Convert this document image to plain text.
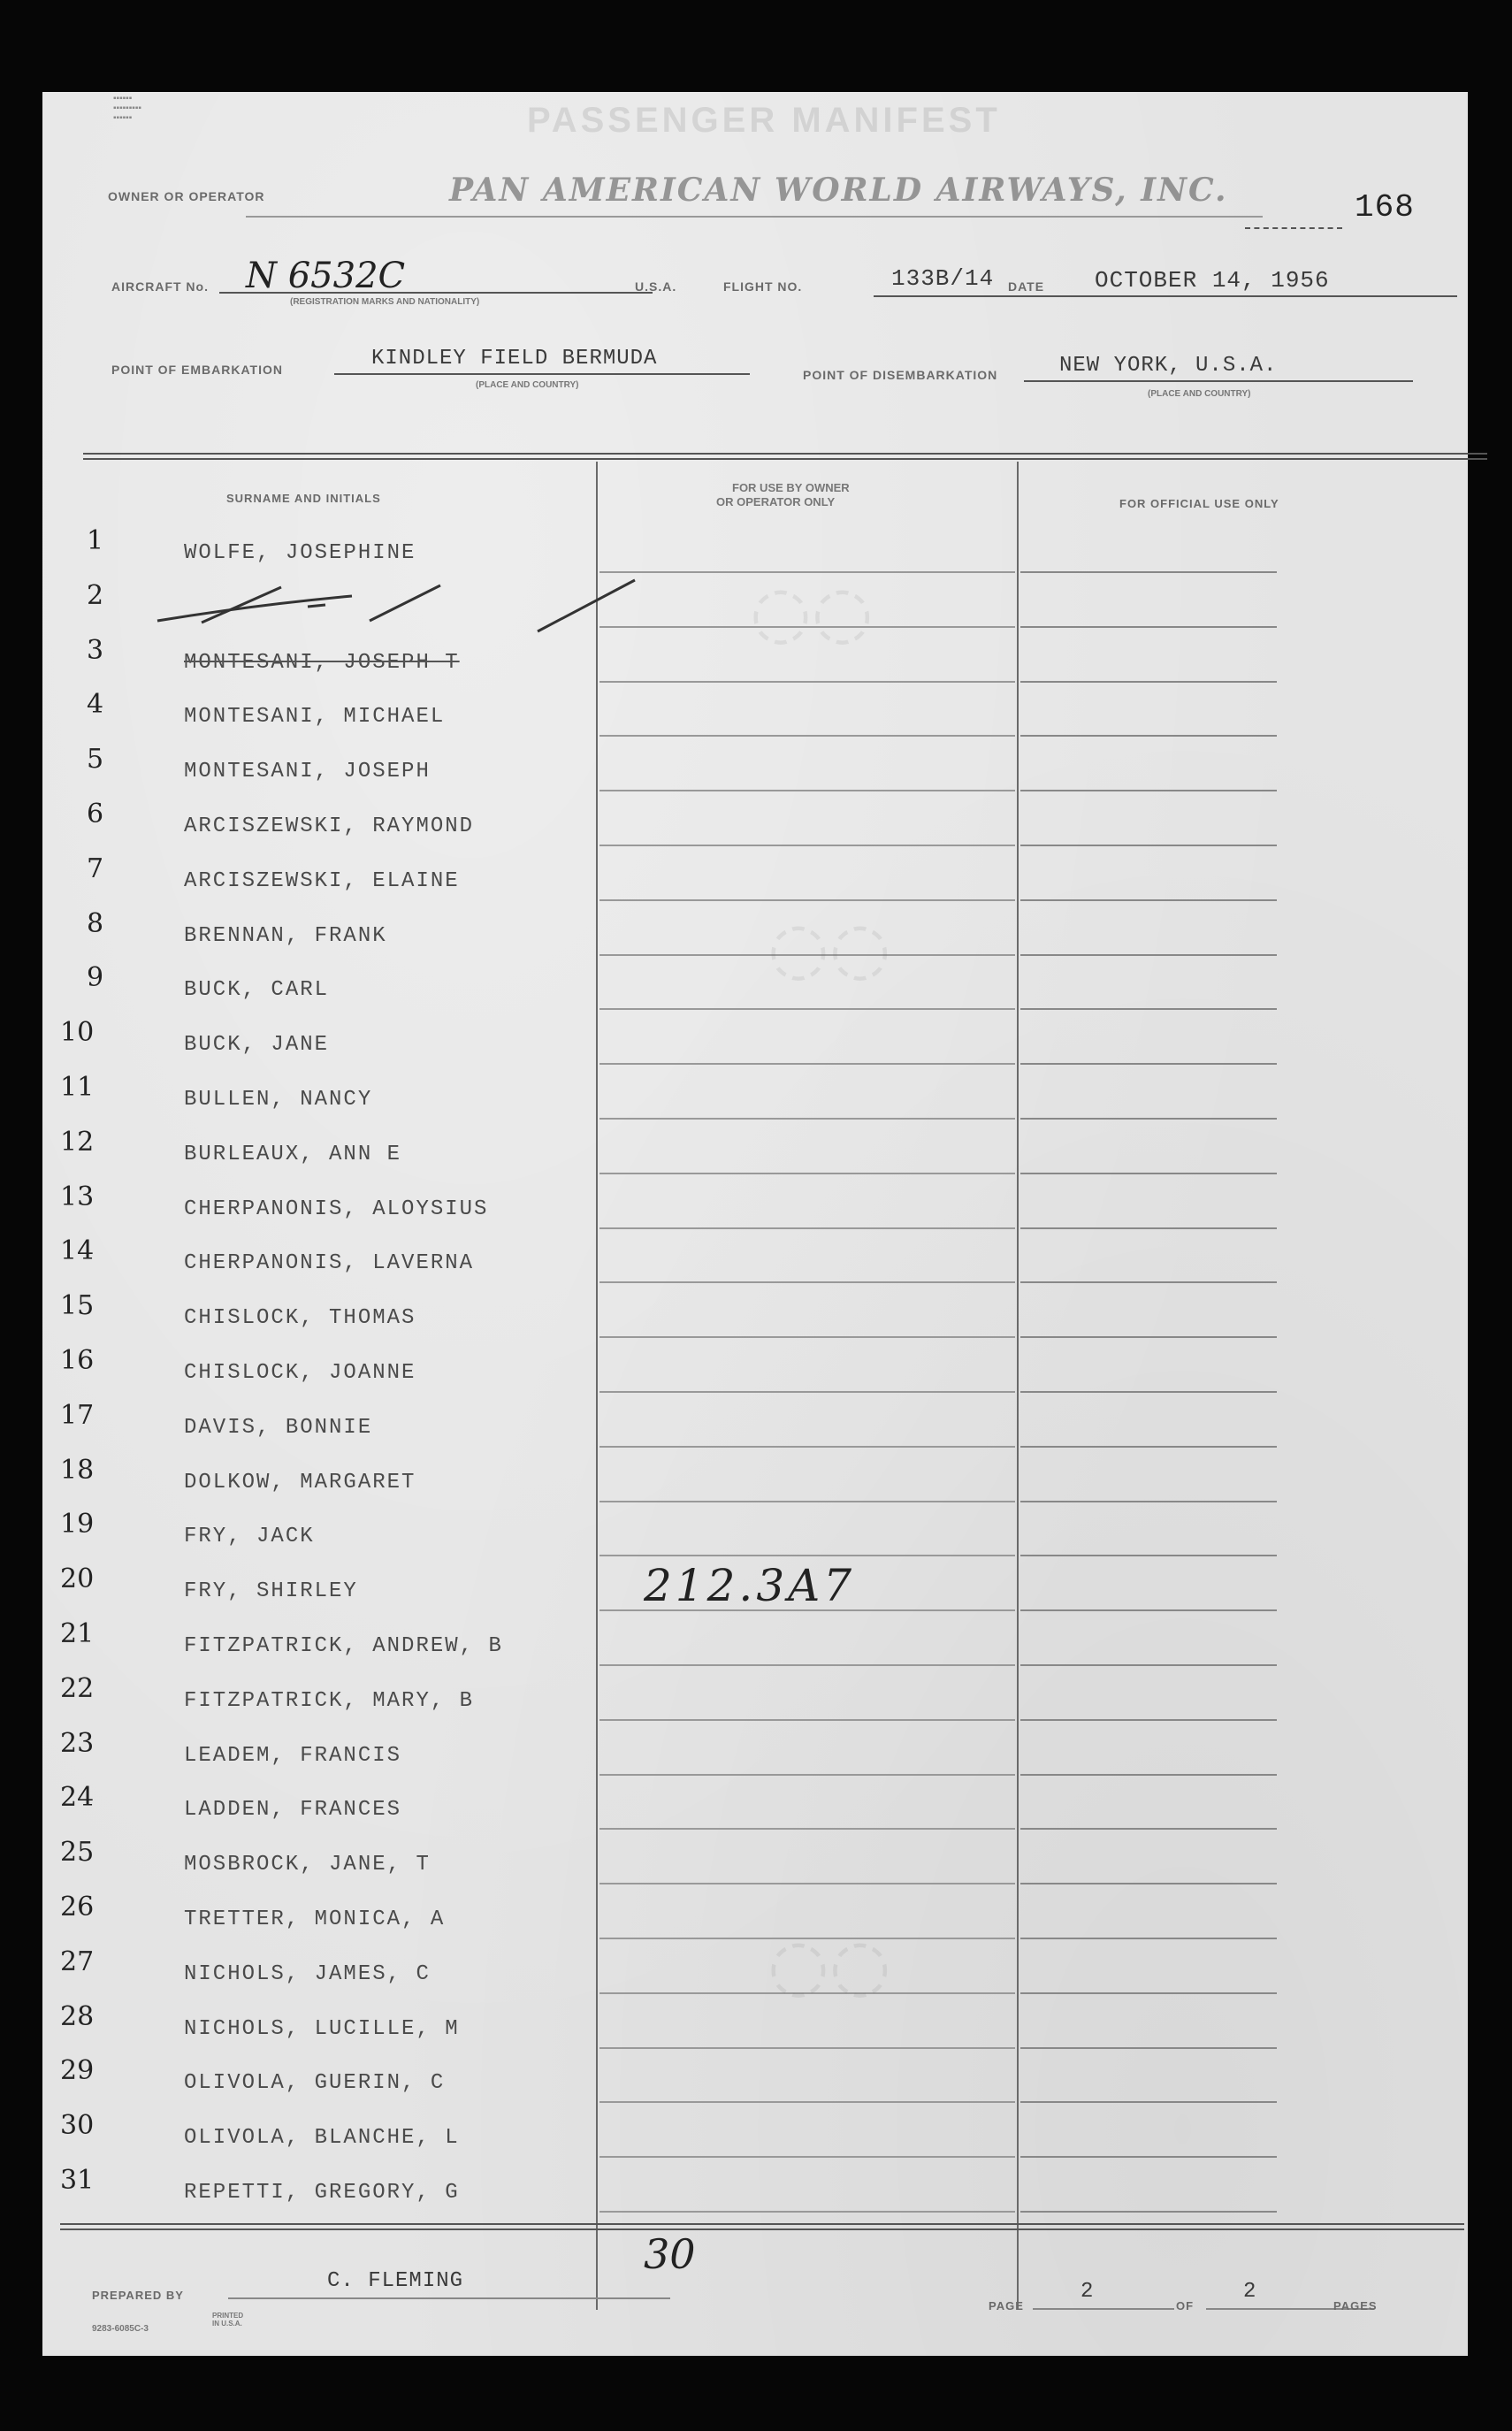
PASSENGER MANIFEST
▪▪▪▪▪▪
▪▪▪▪▪▪▪▪▪
▪▪▪▪▪▪
OWNER OR OPERATOR	PAN AMERICAN WORLD AIRWAYS, INC.	168
AIRCRAFT No. N 6532C
(REGISTRATION MARKS AND NATIONALITY)
U.S.A.	FLIGHT NO.	133B/14 DATE OCTOBER 14, 1956
POINT OF EMBARKATION	KINDLEY FIELD BERMUDA
(PLACE AND COUNTRY)
POINT OF DISEMBARKATION	NEW YORK, U.S.A.
(PLACE AND COUNTRY)
SURNAME AND INITIALS
FOR USE BY OWNER
OR OPERATOR ONLY	FOR OFFICIAL USE ONLY
1	WOLFE, JOSEPHINE
2
3	MONTESANI, JOSEPH T
4	MONTESANI, MICHAEL
5	MONTESANI, JOSEPH
6	ARCISZEWSKI, RAYMOND
7	ARCISZEWSKI, ELAINE
8	BRENNAN, FRANK
9	BUCK, CARL
10	BUCK, JANE
11	BULLEN, NANCY
12	BURLEAUX, ANN E
13	CHERPANONIS, ALOYSIUS
14	CHERPANONIS, LAVERNA
15	CHISLOCK, THOMAS
16	CHISLOCK, JOANNE
17	DAVIS, BONNIE
18	DOLKOW, MARGARET
19	FRY, JACK
20	FRY, SHIRLEY
21	FITZPATRICK, ANDREW, B
22	FITZPATRICK, MARY, B
23	LEADEM, FRANCIS
24	LADDEN, FRANCES
25	MOSBROCK, JANE, T
26	TRETTER, MONICA, A
27	NICHOLS, JAMES, C
28	NICHOLS, LUCILLE, M
29	OLIVOLA, GUERIN, C
30	OLIVOLA, BLANCHE, L
31	REPETTI, GREGORY, G
◌◌
◌◌
◌◌
212.3A7
30
PREPARED BY
C. FLEMING
PAGE
2
OF
2
PAGES
9283-6085C-3
PRINTED IN U.S.A.
